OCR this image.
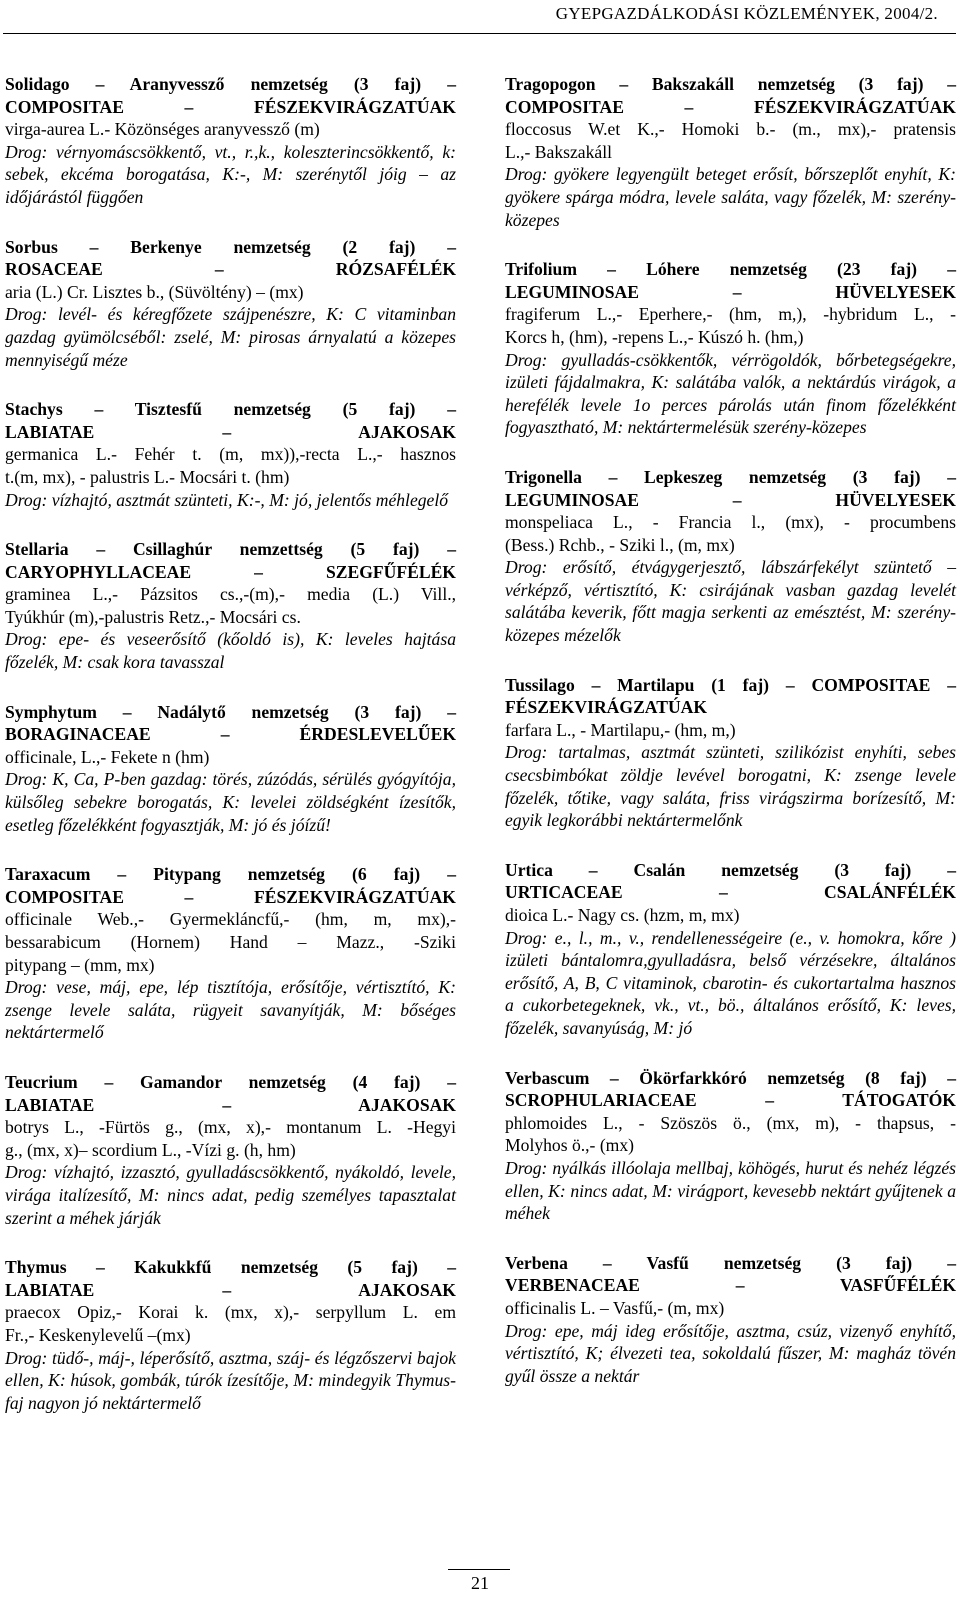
GYEPGAZDÁLKODÁSI KÖZLEMÉNYEK, 2004/2.
Solidago – Aranyvessző nemzetség (3 faj) –
COMPOSITAE – FÉSZEKVIRÁGZATÚAK
virga-aurea L.- Közönséges aranyvessző (m)
Drog: vérnyomáscsökkentő, vt., r.,k., koleszterincsökkentő, k: sebek, ekcéma borogatása, K:-, M: szerénytől jóig – az időjárástól függően
Sorbus – Berkenye nemzetség (2 faj) –
ROSACEAE – RÓZSAFÉLÉK
aria (L.) Cr. Lisztes b., (Süvöltény) – (mx)
Drog: levél- és kéregfőzete szájpenészre, K: C vitaminban gazdag gyümölcséből: zselé, M: pirosas árnyalatú a közepes mennyiségű méze
Stachys – Tisztesfű nemzetség (5 faj) –
LABIATAE – AJAKOSAK
germanica L.- Fehér t. (m, mx)),-recta L.,- hasznos
t.(m, mx), - palustris L.- Mocsári t. (hm)
Drog: vízhajtó, asztmát szünteti, K:-, M: jó, jelentős méhlegelő
Stellaria – Csillaghúr nemzettség (5 faj) –
CARYOPHYLLACEAE – SZEGFŰFÉLÉK
graminea L.,- Pázsitos cs.,-(m),- media (L.) Vill.,
Tyúkhúr (m),-palustris Retz.,- Mocsári cs.
Drog: epe- és veseerősítő (kőoldó is), K: leveles hajtása főzelék, M: csak kora tavasszal
Symphytum – Nadálytő nemzetség (3 faj) –
BORAGINACEAE – ÉRDESLEVELŰEK
officinale, L.,- Fekete n (hm)
Drog: K, Ca, P-ben gazdag: törés, zúzódás, sérülés gyógyítója, külsőleg sebekre borogatás, K: levelei zöldségként ízesítők, esetleg főzelékként fogyasztják, M: jó és jóízű!
Taraxacum – Pitypang nemzetség (6 faj) –
COMPOSITAE – FÉSZEKVIRÁGZATÚAK
officinale Web.,- Gyermekláncfű,- (hm, m, mx),-
bessarabicum (Hornem) Hand – Mazz., -Sziki
pitypang – (mm, mx)
Drog: vese, máj, epe, lép tisztítója, erősítője, vértisztító, K: zsenge levele saláta, rügyeit savanyítják, M: bőséges nektártermelő
Teucrium – Gamandor nemzetség (4 faj) –
LABIATAE – AJAKOSAK
botrys L., -Fürtös g., (mx, x),- montanum L. -Hegyi
g., (mx, x)– scordium L., -Vízi g. (h, hm)
Drog: vízhajtó, izzasztó, gyulladáscsökkentő, nyákoldó, levele, virága italízesítő, M: nincs adat, pedig személyes tapasztalat szerint a méhek járják
Thymus – Kakukkfű nemzetség (5 faj) –
LABIATAE – AJAKOSAK
praecox Opiz,- Korai k. (mx, x),- serpyllum L. em
Fr.,- Keskenylevelű –(mx)
Drog: tüdő-, máj-, léperősítő, asztma, száj- és légzőszervi bajok ellen, K: húsok, gombák, túrók ízesítője, M: mindegyik Thymus-faj nagyon jó nektártermelő
Tragopogon – Bakszakáll nemzetség (3 faj) –
COMPOSITAE – FÉSZEKVIRÁGZATÚAK
floccosus W.et K.,- Homoki b.- (m., mx),- pratensis
L.,- Bakszakáll
Drog: gyökere legyengült beteget erősít, bőrszeplőt enyhít, K: gyökere spárga módra, levele saláta, vagy főzelék, M: szerény-közepes
Trifolium – Lóhere nemzetség (23 faj) –
LEGUMINOSAE – HÜVELYESEK
fragiferum L.,- Eperhere,- (hm, m,), -hybridum L., -
Korcs h, (hm), -repens L.,- Kúszó h. (hm,)
Drog: gyulladás-csökkentők, vérrögoldók, bőrbetegségekre, izületi fájdalmakra, K: salátába valók, a nektárdús virágok, a herefélék levele 1o perces párolás után finom főzelékként fogyasztható, M: nektártermelésük szerény-közepes
Trigonella – Lepkeszeg nemzetség (3 faj) –
LEGUMINOSAE – HÜVELYESEK
monspeliaca L., - Francia l., (mx), - procumbens
(Bess.) Rchb., - Sziki l., (m, mx)
Drog: erősítő, étvágygerjesztő, lábszárfekélyt szüntető – vérképző, vértisztító, K: csirájának vasban gazdag levelét salátába keverik, főtt magja serkenti az emésztést, M: szerény-közepes mézelők
Tussilago – Martilapu (1 faj) – COMPOSITAE –
FÉSZEKVIRÁGZATÚAK
farfara L., - Martilapu,- (hm, m,)
Drog: tartalmas, asztmát szünteti, szilikózist enyhíti, sebes csecsbimbókat zöldje levével borogatni, K: zsenge levele főzelék, tőtike, vagy saláta, friss virágszirma borízesítő, M: egyik legkorábbi nektártermelőnk
Urtica – Csalán nemzetség (3 faj) –
URTICACEAE – CSALÁNFÉLÉK
dioica L.- Nagy cs. (hzm, m, mx)
Drog: e., l., m., v., rendellenességeire (e., v. homokra, kőre ) izületi bántalomra,gyulladásra, belső vérzésekre, általános erősítő, A, B, C vitaminok, cbarotin- és cukortartalma hasznos a cukorbetegeknek, vk., vt., bö., általános erősítő, K: leves, főzelék, savanyúság, M: jó
Verbascum – Ökörfarkkóró nemzetség (8 faj) –
SCROPHULARIACEAE – TÁTOGATÓK
phlomoides L., - Szöszös ö., (mx, m), - thapsus, -
Molyhos ö.,- (mx)
Drog: nyálkás illóolaja mellbaj, köhögés, hurut és nehéz légzés ellen, K: nincs adat, M: virágport, kevesebb nektárt gyűjtenek a méhek
Verbena – Vasfű nemzetség (3 faj) –
VERBENACEAE – VASFŰFÉLÉK
officinalis L. – Vasfű,- (m, mx)
Drog: epe, máj ideg erősítője, asztma, csúz, vizenyő enyhítő, vértisztító, K; élvezeti tea, sokoldalú fűszer, M: magház tövén gyűl össze a nektár
21
